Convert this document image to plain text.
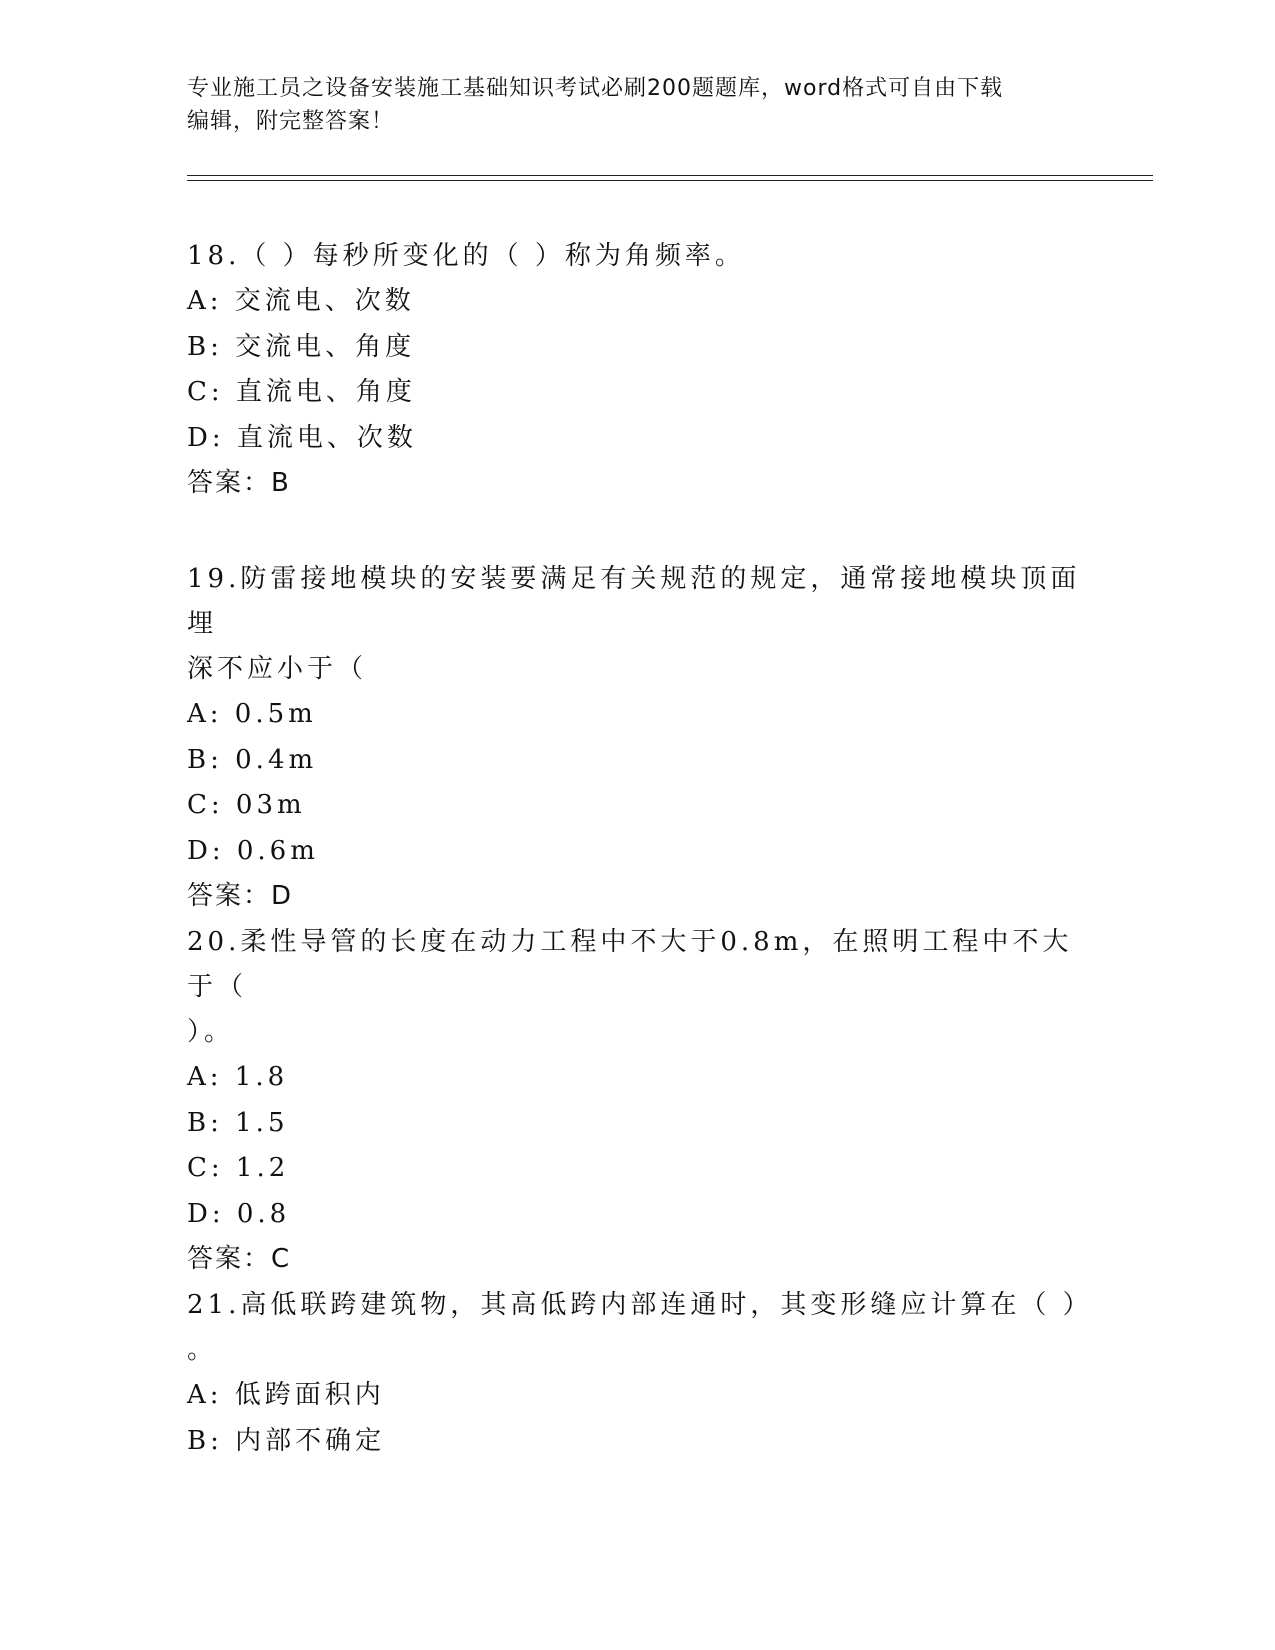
专业施工员之设备安装施工基础知识考试必刷200题题库，word格式可自由下载
编辑，附完整答案！
18.（ ）每秒所变化的（ ）称为角频率。
A: 交流电、次数
B: 交流电、角度
C: 直流电、角度
D: 直流电、次数
答案：B
19.防雷接地模块的安装要满足有关规范的规定，通常接地模块顶面埋
深不应小于（
A: 0.5m
B: 0.4m
C: 03m
D: 0.6m
答案：D
20.柔性导管的长度在动力工程中不大于0.8m，在照明工程中不大于（
）。
A: 1.8
B: 1.5
C: 1.2
D: 0.8
答案：C
21.高低联跨建筑物，其高低跨内部连通时，其变形缝应计算在（ ）
。
A: 低跨面积内
B: 内部不确定
